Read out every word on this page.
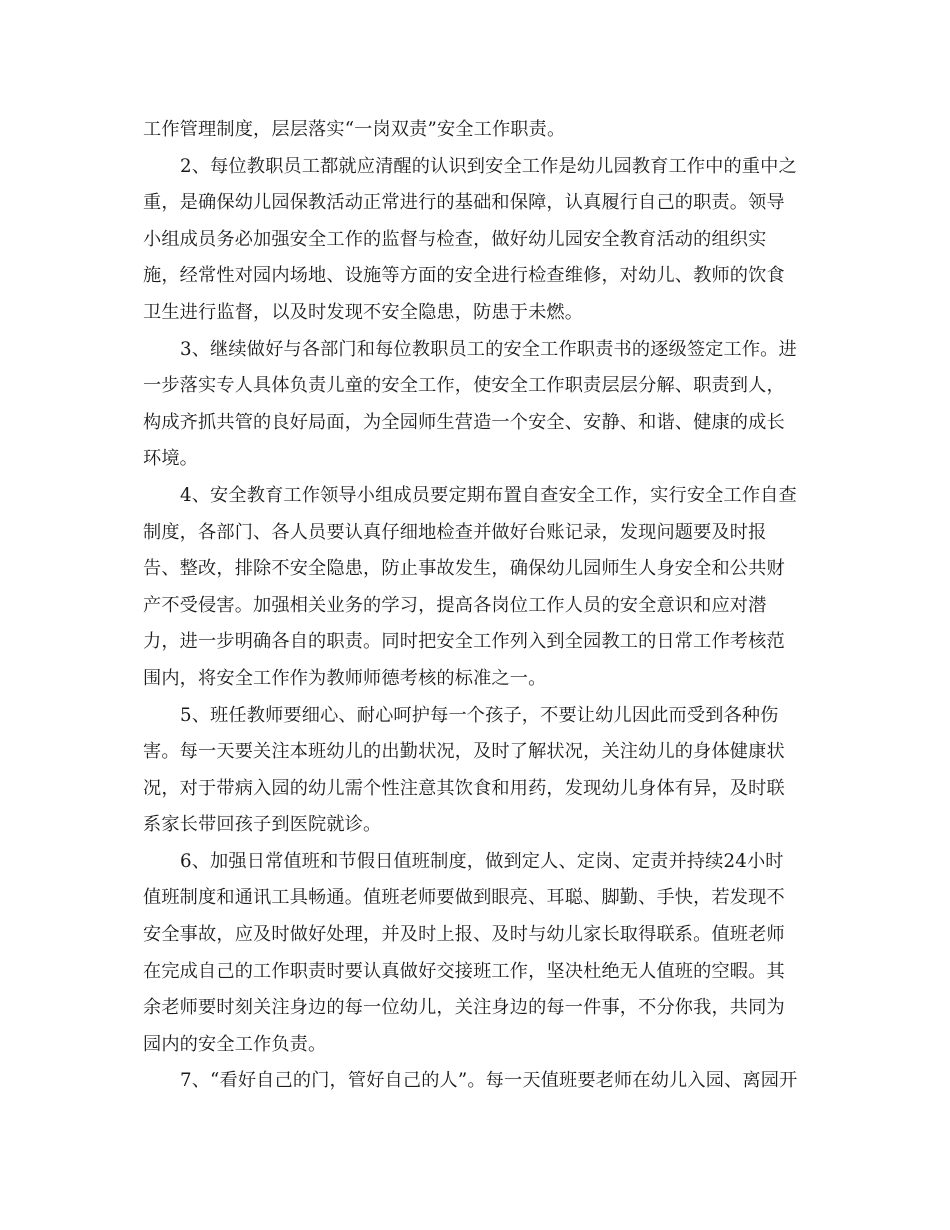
工作管理制度，层层落实“一岗双责”安全工作职责。
2、每位教职员工都就应清醒的认识到安全工作是幼儿园教育工作中的重中之
重，是确保幼儿园保教活动正常进行的基础和保障，认真履行自己的职责。领导
小组成员务必加强安全工作的监督与检查，做好幼儿园安全教育活动的组织实
施，经常性对园内场地、设施等方面的安全进行检查维修，对幼儿、教师的饮食
卫生进行监督，以及时发现不安全隐患，防患于未燃。
3、继续做好与各部门和每位教职员工的安全工作职责书的逐级签定工作。进
一步落实专人具体负责儿童的安全工作，使安全工作职责层层分解、职责到人，
构成齐抓共管的良好局面，为全园师生营造一个安全、安静、和谐、健康的成长
环境。
4、安全教育工作领导小组成员要定期布置自查安全工作，实行安全工作自查
制度，各部门、各人员要认真仔细地检查并做好台账记录，发现问题要及时报
告、整改，排除不安全隐患，防止事故发生，确保幼儿园师生人身安全和公共财
产不受侵害。加强相关业务的学习，提高各岗位工作人员的安全意识和应对潜
力，进一步明确各自的职责。同时把安全工作列入到全园教工的日常工作考核范
围内，将安全工作作为教师师德考核的标准之一。
5、班任教师要细心、耐心呵护每一个孩子，不要让幼儿因此而受到各种伤
害。每一天要关注本班幼儿的出勤状况，及时了解状况，关注幼儿的身体健康状
况，对于带病入园的幼儿需个性注意其饮食和用药，发现幼儿身体有异，及时联
系家长带回孩子到医院就诊。
6、加强日常值班和节假日值班制度，做到定人、定岗、定责并持续24小时
值班制度和通讯工具畅通。值班老师要做到眼亮、耳聪、脚勤、手快，若发现不
安全事故，应及时做好处理，并及时上报、及时与幼儿家长取得联系。值班老师
在完成自己的工作职责时要认真做好交接班工作，坚决杜绝无人值班的空暇。其
余老师要时刻关注身边的每一位幼儿，关注身边的每一件事，不分你我，共同为
园内的安全工作负责。
7、“看好自己的门，管好自己的人”。每一天值班要老师在幼儿入园、离园开
